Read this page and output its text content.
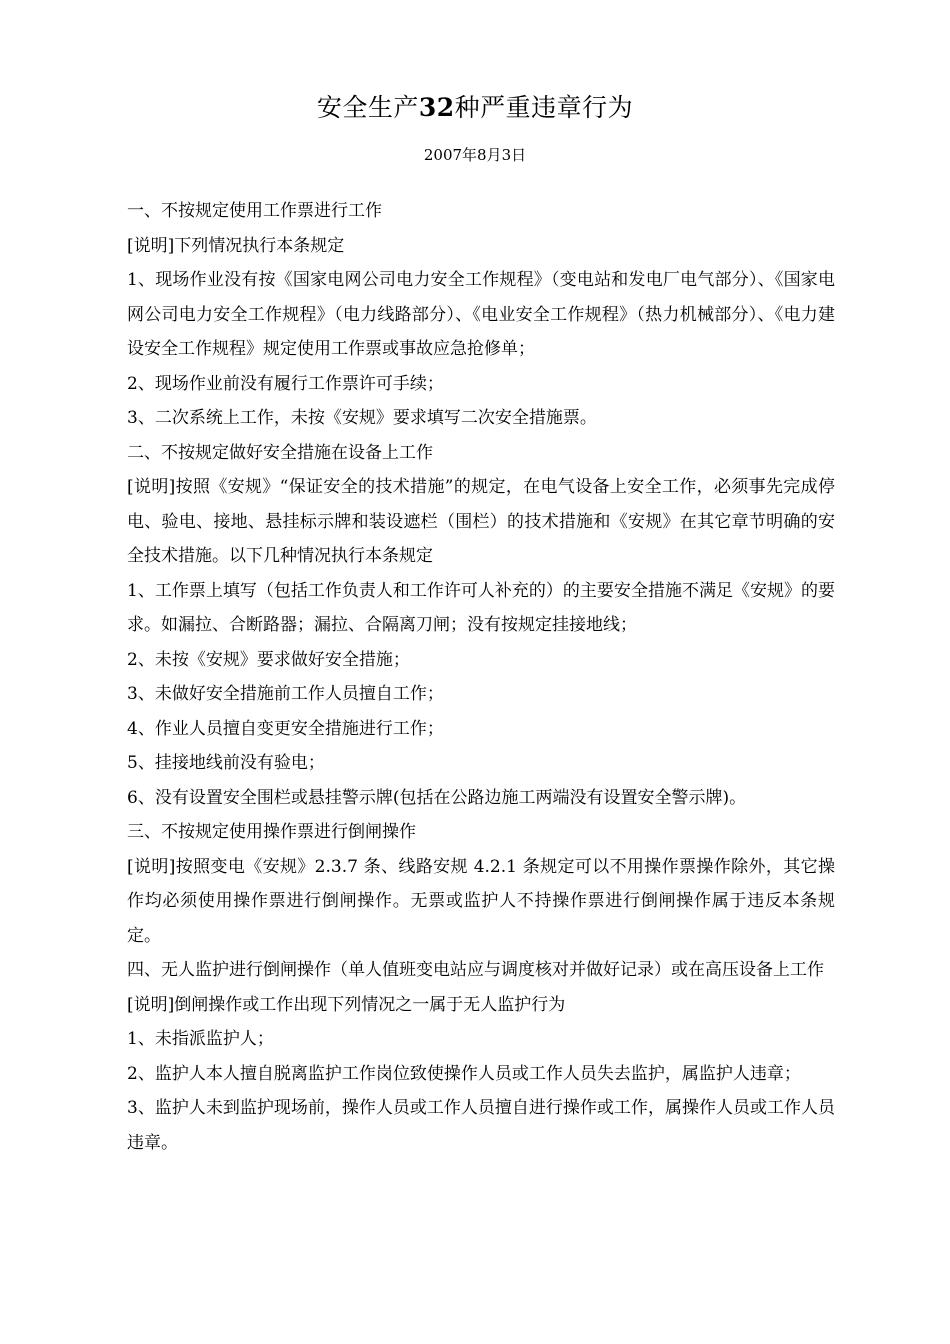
安全生产32种严重违章行为
2007年8月3日

一、不按规定使用工作票进行工作

[说明]下列情况执行本条规定

1、现场作业没有按《国家电网公司电力安全工作规程》（变电站和发电厂电气部分）、《国家电网公司电力安全工作规程》（电力线路部分）、《电业安全工作规程》（热力机械部分）、《电力建设安全工作规程》规定使用工作票或事故应急抢修单；

2、现场作业前没有履行工作票许可手续；

3、二次系统上工作，未按《安规》要求填写二次安全措施票。

二、不按规定做好安全措施在设备上工作

[说明]按照《安规》“保证安全的技术措施”的规定，在电气设备上安全工作，必须事先完成停电、验电、接地、悬挂标示牌和装设遮栏（围栏）的技术措施和《安规》在其它章节明确的安全技术措施。以下几种情况执行本条规定

1、工作票上填写（包括工作负责人和工作许可人补充的）的主要安全措施不满足《安规》的要求。如漏拉、合断路器；漏拉、合隔离刀闸；没有按规定挂接地线；

2、未按《安规》要求做好安全措施；

3、未做好安全措施前工作人员擅自工作；

4、作业人员擅自变更安全措施进行工作；

5、挂接地线前没有验电；

6、没有设置安全围栏或悬挂警示牌(包括在公路边施工两端没有设置安全警示牌)。

三、不按规定使用操作票进行倒闸操作

[说明]按照变电《安规》2.3.7 条、线路安规 4.2.1 条规定可以不用操作票操作除外，其它操作均必须使用操作票进行倒闸操作。无票或监护人不持操作票进行倒闸操作属于违反本条规定。

四、无人监护进行倒闸操作（单人值班变电站应与调度核对并做好记录）或在高压设备上工作

[说明]倒闸操作或工作出现下列情况之一属于无人监护行为

1、未指派监护人；

2、监护人本人擅自脱离监护工作岗位致使操作人员或工作人员失去监护，属监护人违章；

3、监护人未到监护现场前，操作人员或工作人员擅自进行操作或工作，属操作人员或工作人员违章。
